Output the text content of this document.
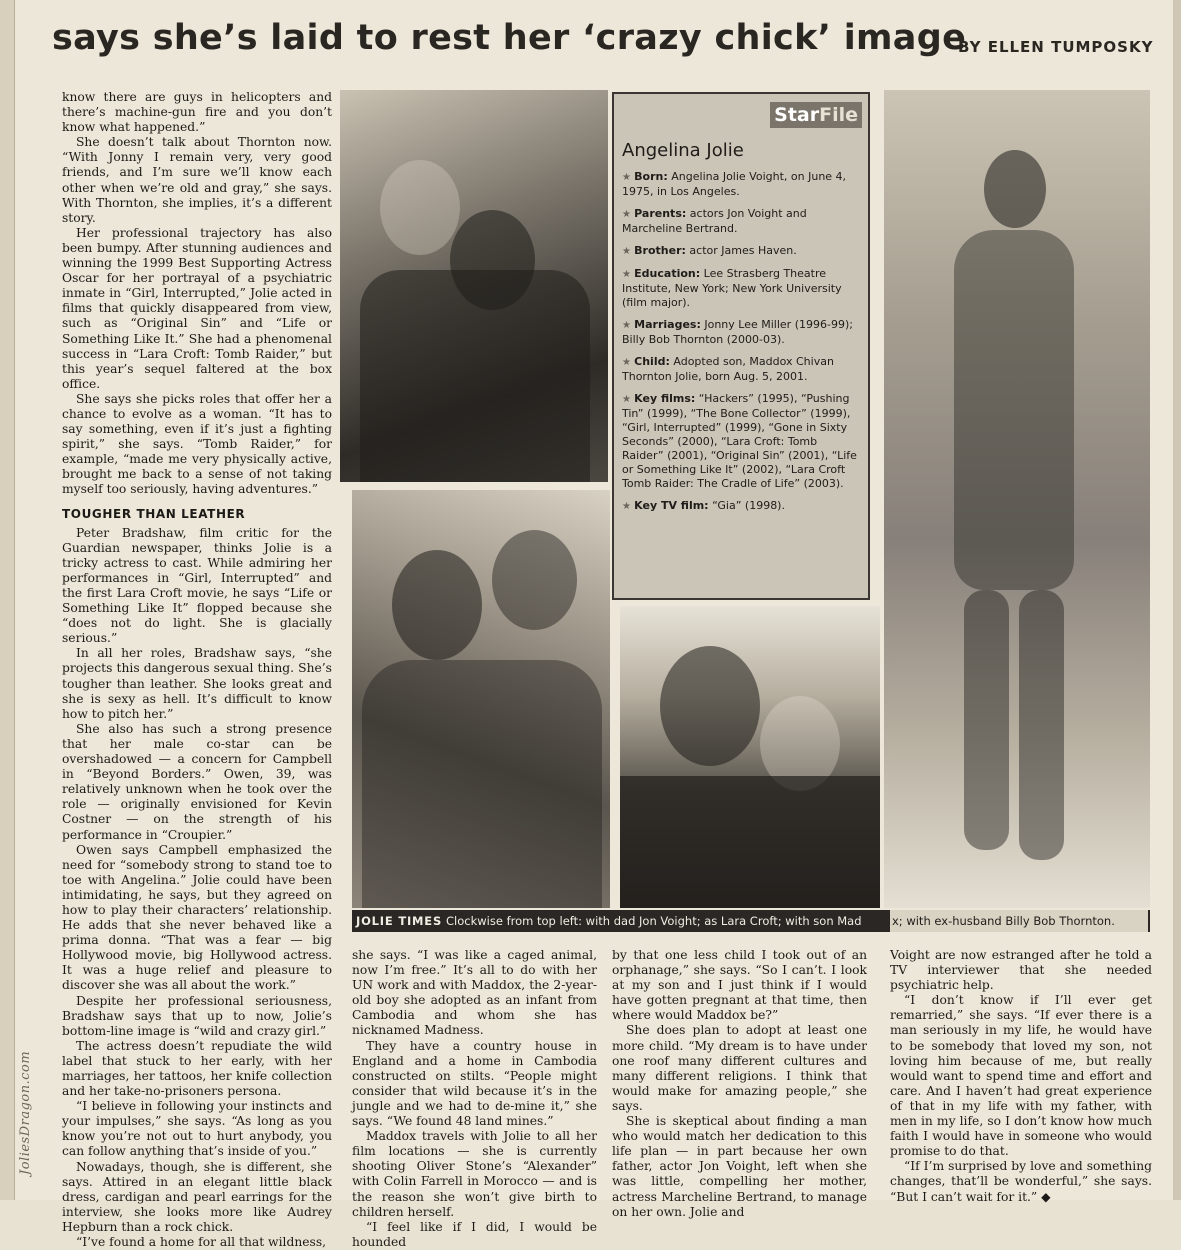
says she’s laid to rest her ‘crazy chick’ image
BY ELLEN TUMPOSKY

know there are guys in helicopters and there’s machine-gun fire and you don’t know what happened.”

She doesn’t talk about Thornton now. “With Jonny I remain very, very good friends, and I’m sure we’ll know each other when we’re old and gray,” she says. With Thornton, she implies, it’s a different story.

Her professional trajectory has also been bumpy. After stunning audiences and winning the 1999 Best Supporting Actress Oscar for her portrayal of a psychiatric inmate in “Girl, Interrupted,” Jolie acted in films that quickly disappeared from view, such as “Original Sin” and “Life or Something Like It.” She had a phenomenal success in “Lara Croft: Tomb Raider,” but this year’s sequel faltered at the box office.

She says she picks roles that offer her a chance to evolve as a woman. “It has to say something, even if it’s just a fighting spirit,” she says. “Tomb Raider,” for example, “made me very physically active, brought me back to a sense of not taking myself too seriously, having adventures.”

TOUGHER THAN LEATHER

Peter Bradshaw, film critic for the Guardian newspaper, thinks Jolie is a tricky actress to cast. While admiring her performances in “Girl, Interrupted” and the first Lara Croft movie, he says “Life or Something Like It” flopped because she “does not do light. She is glacially serious.”

In all her roles, Bradshaw says, “she projects this dangerous sexual thing. She’s tougher than leather. She looks great and she is sexy as hell. It’s difficult to know how to pitch her.”

She also has such a strong presence that her male co-star can be overshadowed — a concern for Campbell in “Beyond Borders.” Owen, 39, was relatively unknown when he took over the role — originally envisioned for Kevin Costner — on the strength of his performance in “Croupier.”

Owen says Campbell emphasized the need for “somebody strong to stand toe to toe with Angelina.” Jolie could have been intimidating, he says, but they agreed on how to play their characters’ relationship. He adds that she never behaved like a prima donna. “That was a fear — big Hollywood movie, big Hollywood actress. It was a huge relief and pleasure to discover she was all about the work.”

Despite her professional seriousness, Bradshaw says that up to now, Jolie’s bottom-line image is “wild and crazy girl.”

The actress doesn’t repudiate the wild label that stuck to her early, with her marriages, her tattoos, her knife collection and her take-no-prisoners persona.

“I believe in following your instincts and your impulses,” she says. “As long as you know you’re not out to hurt anybody, you can follow anything that’s inside of you.”

Nowadays, though, she is different, she says. Attired in an elegant little black dress, cardigan and pearl earrings for the interview, she looks more like Audrey Hepburn than a rock chick.

“I’ve found a home for all that wildness,

StarFile
Angelina Jolie

★ Born: Angelina Jolie Voight, on June 4, 1975, in Los Angeles.

★ Parents: actors Jon Voight and Marcheline Bertrand.

★ Brother: actor James Haven.

★ Education: Lee Strasberg Theatre Institute, New York; New York University (film major).

★ Marriages: Jonny Lee Miller (1996-99); Billy Bob Thornton (2000-03).

★ Child: Adopted son, Maddox Chivan Thornton Jolie, born Aug. 5, 2001.

★ Key films: “Hackers” (1995), “Pushing Tin” (1999), “The Bone Collector” (1999), “Girl, Interrupted” (1999), “Gone in Sixty Seconds” (2000), “Lara Croft: Tomb Raider” (2001), “Original Sin” (2001), “Life or Something Like It” (2002), “Lara Croft Tomb Raider: The Cradle of Life” (2003).

★ Key TV film: “Gia” (1998).

JOLIE TIMES Clockwise from top left: with dad Jon Voight; as Lara Croft; with son Mad	x; with ex-husband Billy Bob Thornton.

she says. “I was like a caged animal, now I’m free.” It’s all to do with her UN work and with Maddox, the 2-year-old boy she adopted as an infant from Cambodia and whom she has nicknamed Madness.

They have a country house in England and a home in Cambodia constructed on stilts. “People might consider that wild because it’s in the jungle and we had to de-mine it,” she says. “We found 48 land mines.”

Maddox travels with Jolie to all her film locations — she is currently shooting Oliver Stone’s “Alexander” with Colin Farrell in Morocco — and is the reason she won’t give birth to children herself.

“I feel like if I did, I would be hounded

by that one less child I took out of an orphanage,” she says. “So I can’t. I look at my son and I just think if I would have gotten pregnant at that time, then where would Maddox be?”

She does plan to adopt at least one more child. “My dream is to have under one roof many different cultures and many different religions. I think that would make for amazing people,” she says.

She is skeptical about finding a man who would match her dedication to this life plan — in part because her own father, actor Jon Voight, left when she was little, compelling her mother, actress Marcheline Bertrand, to manage on her own. Jolie and

Voight are now estranged after he told a TV interviewer that she needed psychiatric help.

“I don’t know if I’ll ever get remarried,” she says. “If ever there is a man seriously in my life, he would have to be somebody that loved my son, not loving him because of me, but really would want to spend time and effort and care. And I haven’t had great experience of that in my life with my father, with men in my life, so I don’t know how much faith I would have in someone who would promise to do that.

“If I’m surprised by love and something changes, that’ll be wonderful,” she says. “But I can’t wait for it.” ◆

JoliesDragon.com
